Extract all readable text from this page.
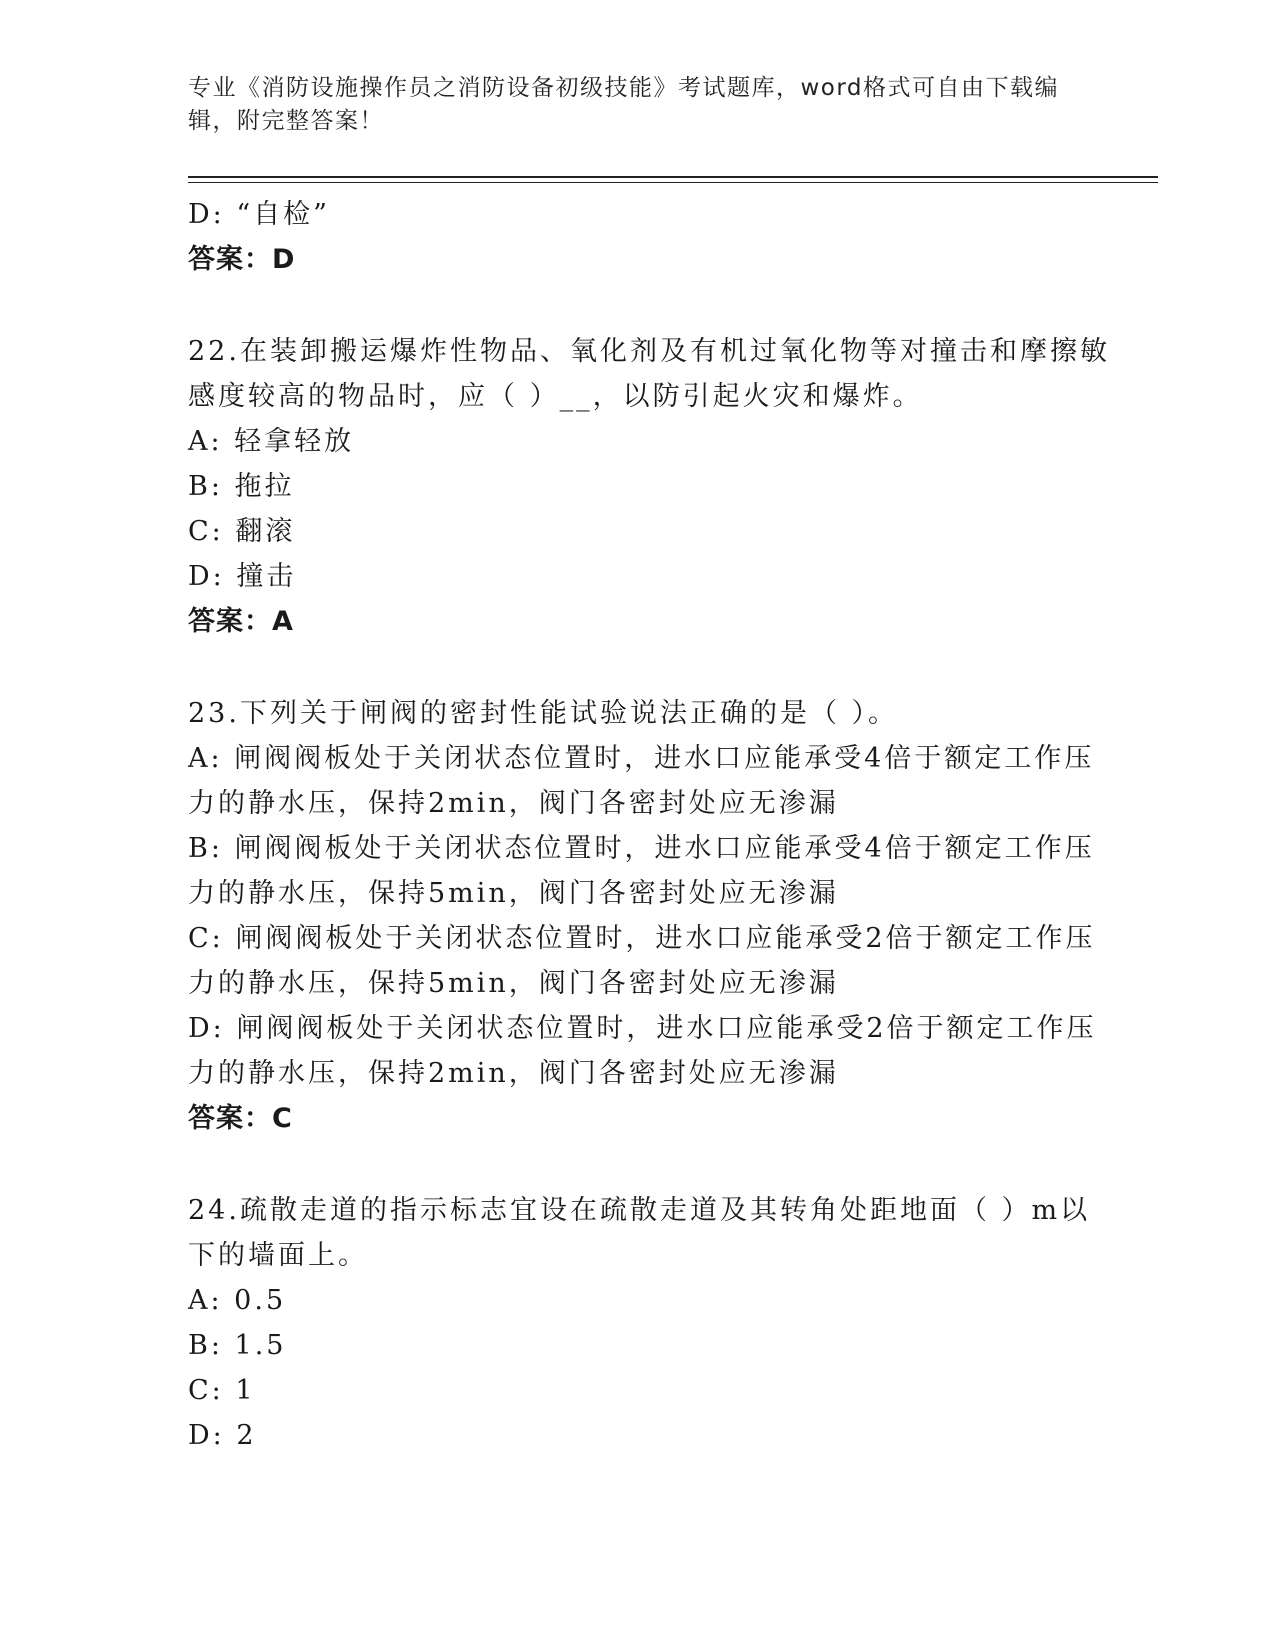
专业《消防设施操作员之消防设备初级技能》考试题库，word格式可自由下载编
辑，附完整答案！
D: “自检”
答案：D
22.在装卸搬运爆炸性物品、氧化剂及有机过氧化物等对撞击和摩擦敏
感度较高的物品时，应（ ）__，以防引起火灾和爆炸。
A: 轻拿轻放
B: 拖拉
C: 翻滚
D: 撞击
答案：A
23.下列关于闸阀的密封性能试验说法正确的是（ ）。
A: 闸阀阀板处于关闭状态位置时，进水口应能承受4倍于额定工作压
力的静水压，保持2min，阀门各密封处应无渗漏
B: 闸阀阀板处于关闭状态位置时，进水口应能承受4倍于额定工作压
力的静水压，保持5min，阀门各密封处应无渗漏
C: 闸阀阀板处于关闭状态位置时，进水口应能承受2倍于额定工作压
力的静水压，保持5min，阀门各密封处应无渗漏
D: 闸阀阀板处于关闭状态位置时，进水口应能承受2倍于额定工作压
力的静水压，保持2min，阀门各密封处应无渗漏
答案：C
24.疏散走道的指示标志宜设在疏散走道及其转角处距地面（ ）m以
下的墙面上。
A: 0.5
B: 1.5
C: 1
D: 2
